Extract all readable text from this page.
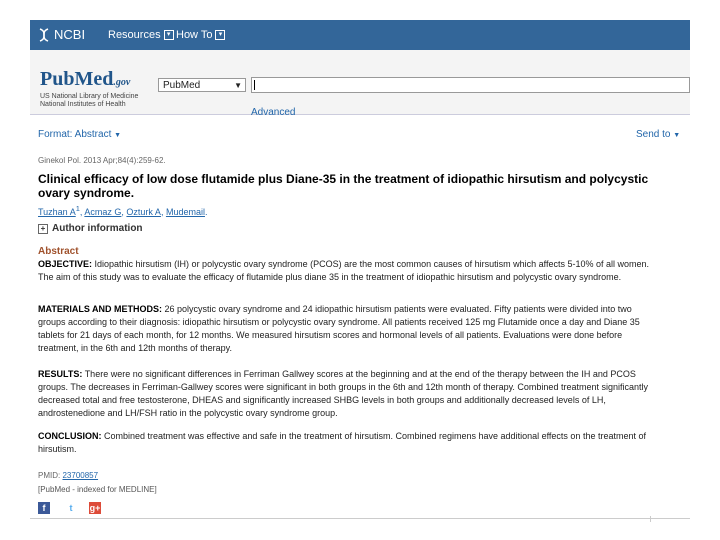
NCBI Resources ▾ How To ▾
PubMed.gov
US National Library of Medicine
National Institutes of Health
PubMed	▼
Advanced
Format: Abstract ▼	Send to ▼
Ginekol Pol. 2013 Apr;84(4):259-62.
Clinical efficacy of low dose flutamide plus Diane-35 in the treatment of idiopathic hirsutism and polycystic ovary syndrome.
Tuzhan $A^1$, Acmaz G, Ozturk A, Mudemail.
+ Author information
Abstract
OBJECTIVE: Idiopathic hirsutism (IH) or polycystic ovary syndrome (PCOS) are the most common causes of hirsutism which affects 5-10% of all women. The aim of this study was to evaluate the efficacy of flutamide plus diane 35 in the treatment of idiopathic hirsutism and polycystic ovary syndrome.
MATERIALS AND METHODS: 26 polycystic ovary syndrome and 24 idiopathic hirsutism patients were evaluated. Fifty patients were divided into two groups according to their diagnosis: idiopathic hirsutism or polycystic ovary syndrome. All patients received 125 mg Flutamide once a day and Diane 35 tablets for 21 days of each month, for 12 months. We measured hirsutism scores and hormonal levels of all patients. Evaluations were done before treatment, in the 6th and 12th months of therapy.
RESULTS: There were no significant differences in Ferriman Gallwey scores at the beginning and at the end of the therapy between the IH and PCOS groups. The decreases in Ferriman-Gallwey scores were significant in both groups in the 6th and 12th month of therapy. Combined treatment significantly decreased total and free testosterone, DHEAS and significantly increased SHBG levels in both groups and additionally decreased levels of LH, androstenedione and LH/FSH ratio in the polycystic ovary syndrome group.
CONCLUSION: Combined treatment was effective and safe in the treatment of hirsutism. Combined regimens have additional effects on the treatment of hirsutism.
PMID: 23700857
[PubMed - indexed for MEDLINE]
f	t	g+
